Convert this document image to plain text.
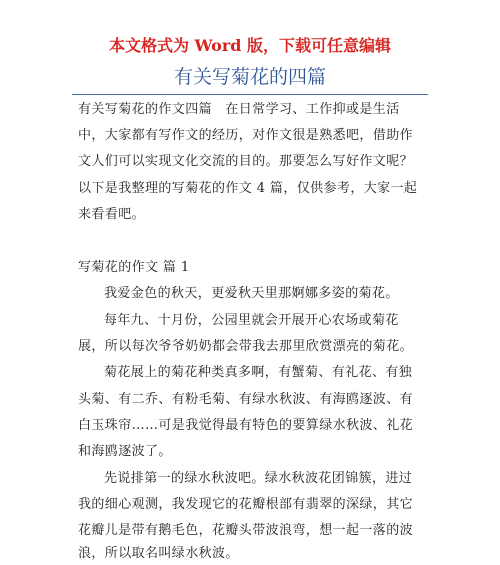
本文格式为 Word 版，下载可任意编辑
有关写菊花的四篇
有关写菊花的作文四篇　在日常学习、工作抑或是生活
中，大家都有写作文的经历，对作文很是熟悉吧，借助作
文人们可以实现文化交流的目的。那要怎么写好作文呢？
以下是我整理的写菊花的作文 4 篇，仅供参考，大家一起
来看看吧。
写菊花的作文 篇 1
我爱金色的秋天，更爱秋天里那婀娜多姿的菊花。
每年九、十月份，公园里就会开展开心农场或菊花
展，所以每次爷爷奶奶都会带我去那里欣赏漂亮的菊花。
菊花展上的菊花种类真多啊，有蟹菊、有礼花、有独
头菊、有二乔、有粉毛菊、有绿水秋波、有海鸥逐波、有
白玉珠帘……可是我觉得最有特色的要算绿水秋波、礼花
和海鸥逐波了。
先说排第一的绿水秋波吧。绿水秋波花团锦簇，进过
我的细心观测，我发现它的花瓣根部有翡翠的深绿，其它
花瓣儿是带有鹅毛色，花瓣头带波浪弯，想一起一落的波
浪，所以取名叫绿水秋波。
